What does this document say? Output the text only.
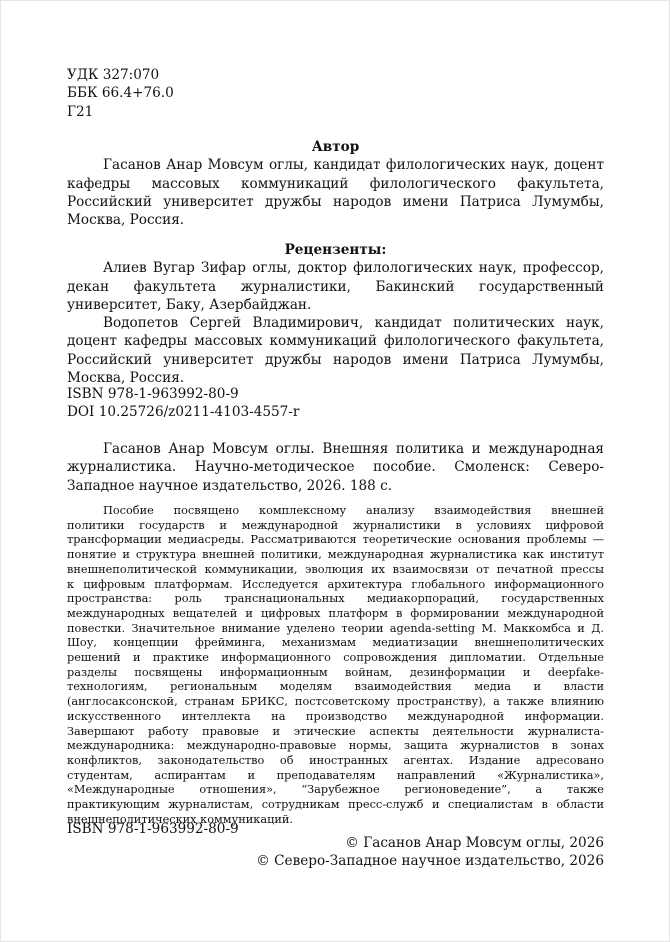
УДК 327:070
ББК 66.4+76.0
Г21
Автор
Гасанов Анар Мовсум оглы, кандидат филологических наук, доцент
кафедры массовых коммуникаций филологического факультета,
Российский университет дружбы народов имени Патриса Лумумбы,
Москва, Россия.
Рецензенты:
Алиев Вугар Зифар оглы, доктор филологических наук, профессор,
декан факультета журналистики, Бакинский государственный
университет, Баку, Азербайджан.
Водопетов Сергей Владимирович, кандидат политических наук,
доцент кафедры массовых коммуникаций филологического факультета,
Российский университет дружбы народов имени Патриса Лумумбы,
Москва, Россия.
ISBN 978-1-963992-80-9
DOI 10.25726/z0211-4103-4557-r
Гасанов Анар Мовсум оглы. Внешняя политика и международная
журналистика. Научно-методическое пособие. Смоленск: Северо-
Западное научное издательство, 2026. 188 с.
Пособие посвящено комплексному анализу взаимодействия внешней
политики государств и международной журналистики в условиях цифровой
трансформации медиасреды. Рассматриваются теоретические основания проблемы —
понятие и структура внешней политики, международная журналистика как институт
внешнеполитической коммуникации, эволюция их взаимосвязи от печатной прессы
к цифровым платформам. Исследуется архитектура глобального информационного
пространства: роль транснациональных медиакорпораций, государственных
международных вещателей и цифровых платформ в формировании международной
повестки. Значительное внимание уделено теории agenda-setting М. Маккомбса и Д.
Шоу, концепции фрейминга, механизмам медиатизации внешнеполитических
решений и практике информационного сопровождения дипломатии. Отдельные
разделы посвящены информационным войнам, дезинформации и deepfake-
технологиям, региональным моделям взаимодействия медиа и власти
(англосаксонской, странам БРИКС, постсоветскому пространству), а также влиянию
искусственного интеллекта на производство международной информации.
Завершают работу правовые и этические аспекты деятельности журналиста-
международника: международно-правовые нормы, защита журналистов в зонах
конфликтов, законодательство об иностранных агентах. Издание адресовано
студентам, аспирантам и преподавателям направлений «Журналистика»,
«Международные отношения», “Зарубежное регионоведение”, а также
практикующим журналистам, сотрудникам пресс-служб и специалистам в области
внешнеполитических коммуникаций.
ISBN 978-1-963992-80-9
© Гасанов Анар Мовсум оглы, 2026
© Северо-Западное научное издательство, 2026
